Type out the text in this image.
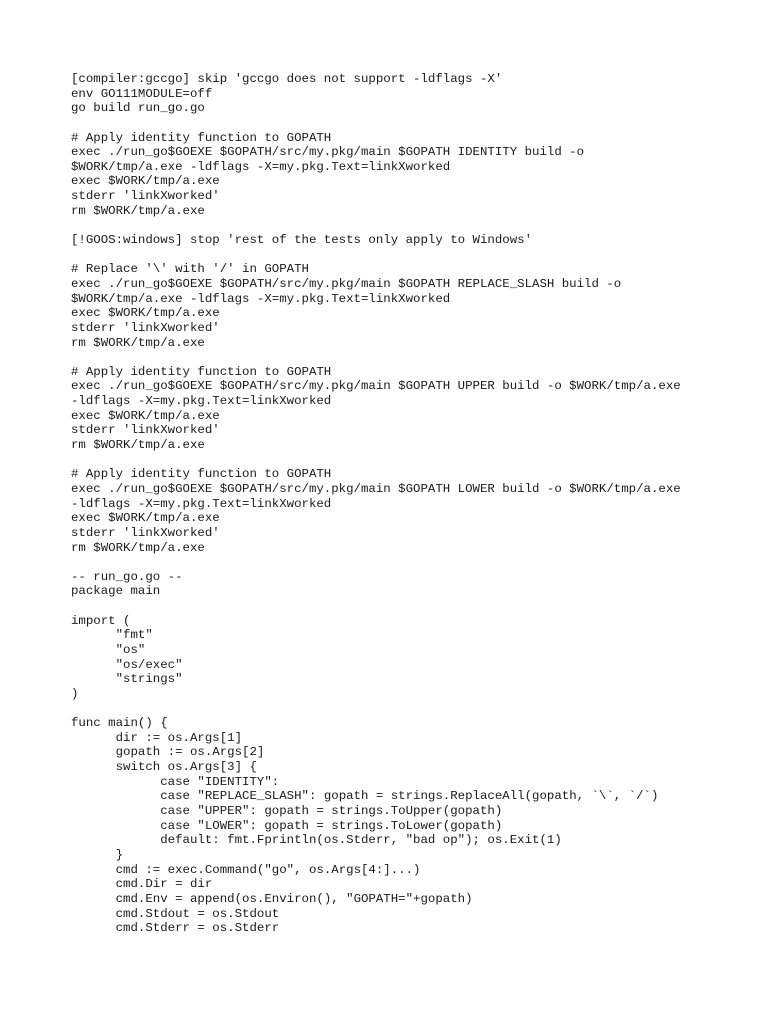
[compiler:gccgo] skip 'gccgo does not support -ldflags -X'
env GO111MODULE=off
go build run_go.go
# Apply identity function to GOPATH
exec ./run_go$GOEXE $GOPATH/src/my.pkg/main $GOPATH IDENTITY build -o
$WORK/tmp/a.exe -ldflags -X=my.pkg.Text=linkXworked
exec $WORK/tmp/a.exe
stderr 'linkXworked'
rm $WORK/tmp/a.exe
[!GOOS:windows] stop 'rest of the tests only apply to Windows'
# Replace '\' with '/' in GOPATH
exec ./run_go$GOEXE $GOPATH/src/my.pkg/main $GOPATH REPLACE_SLASH build -o
$WORK/tmp/a.exe -ldflags -X=my.pkg.Text=linkXworked
exec $WORK/tmp/a.exe
stderr 'linkXworked'
rm $WORK/tmp/a.exe
# Apply identity function to GOPATH
exec ./run_go$GOEXE $GOPATH/src/my.pkg/main $GOPATH UPPER build -o $WORK/tmp/a.exe
-ldflags -X=my.pkg.Text=linkXworked
exec $WORK/tmp/a.exe
stderr 'linkXworked'
rm $WORK/tmp/a.exe
# Apply identity function to GOPATH
exec ./run_go$GOEXE $GOPATH/src/my.pkg/main $GOPATH LOWER build -o $WORK/tmp/a.exe
-ldflags -X=my.pkg.Text=linkXworked
exec $WORK/tmp/a.exe
stderr 'linkXworked'
rm $WORK/tmp/a.exe
-- run_go.go --
package main
import (
	"fmt"
	"os"
	"os/exec"
	"strings"
)
func main() {
	dir := os.Args[1]
	gopath := os.Args[2]
	switch os.Args[3] {
		case "IDENTITY":
		case "REPLACE_SLASH": gopath = strings.ReplaceAll(gopath, `\`, `/`)
		case "UPPER": gopath = strings.ToUpper(gopath)
		case "LOWER": gopath = strings.ToLower(gopath)
		default: fmt.Fprintln(os.Stderr, "bad op"); os.Exit(1)
	}
	cmd := exec.Command("go", os.Args[4:]...)
	cmd.Dir = dir
	cmd.Env = append(os.Environ(), "GOPATH="+gopath)
	cmd.Stdout = os.Stdout
	cmd.Stderr = os.Stderr
